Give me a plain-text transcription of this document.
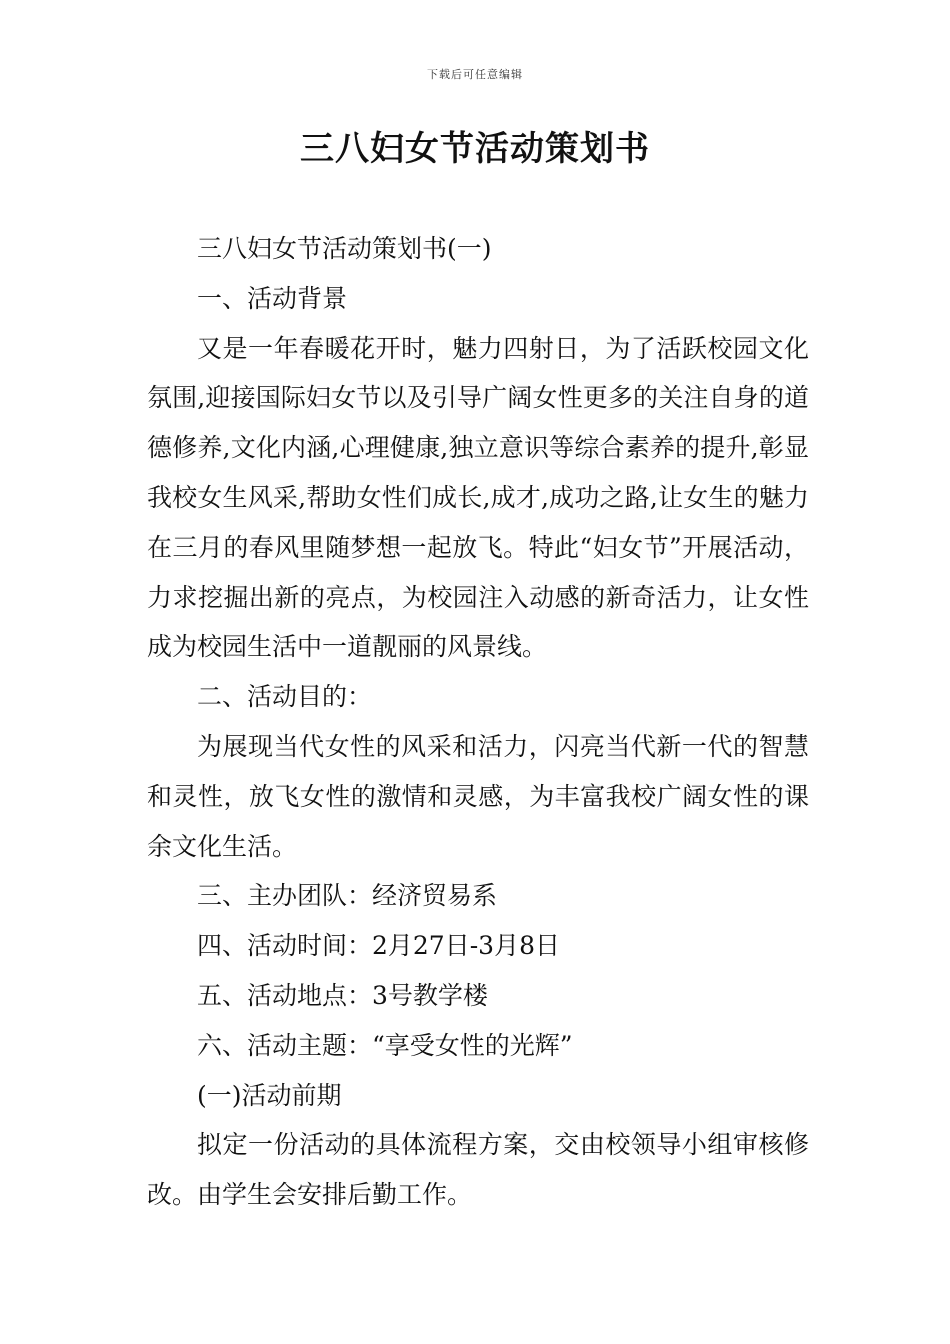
下载后可任意编辑
三八妇女节活动策划书

三八妇女节活动策划书(一)

一、活动背景

又是一年春暖花开时，魅力四射日，为了活跃校园文化氛围,迎接国际妇女节以及引导广阔女性更多的关注自身的道德修养,文化内涵,心理健康,独立意识等综合素养的提升,彰显我校女生风采,帮助女性们成长,成才,成功之路,让女生的魅力在三月的春风里随梦想一起放飞。特此“妇女节”开展活动，力求挖掘出新的亮点，为校园注入动感的新奇活力，让女性成为校园生活中一道靓丽的风景线。

二、活动目的：

为展现当代女性的风采和活力，闪亮当代新一代的智慧和灵性，放飞女性的激情和灵感，为丰富我校广阔女性的课余文化生活。

三、主办团队：经济贸易系

四、活动时间：2月27日-3月8日

五、活动地点：3号教学楼

六、活动主题：“享受女性的光辉”

(一)活动前期

拟定一份活动的具体流程方案，交由校领导小组审核修改。由学生会安排后勤工作。
